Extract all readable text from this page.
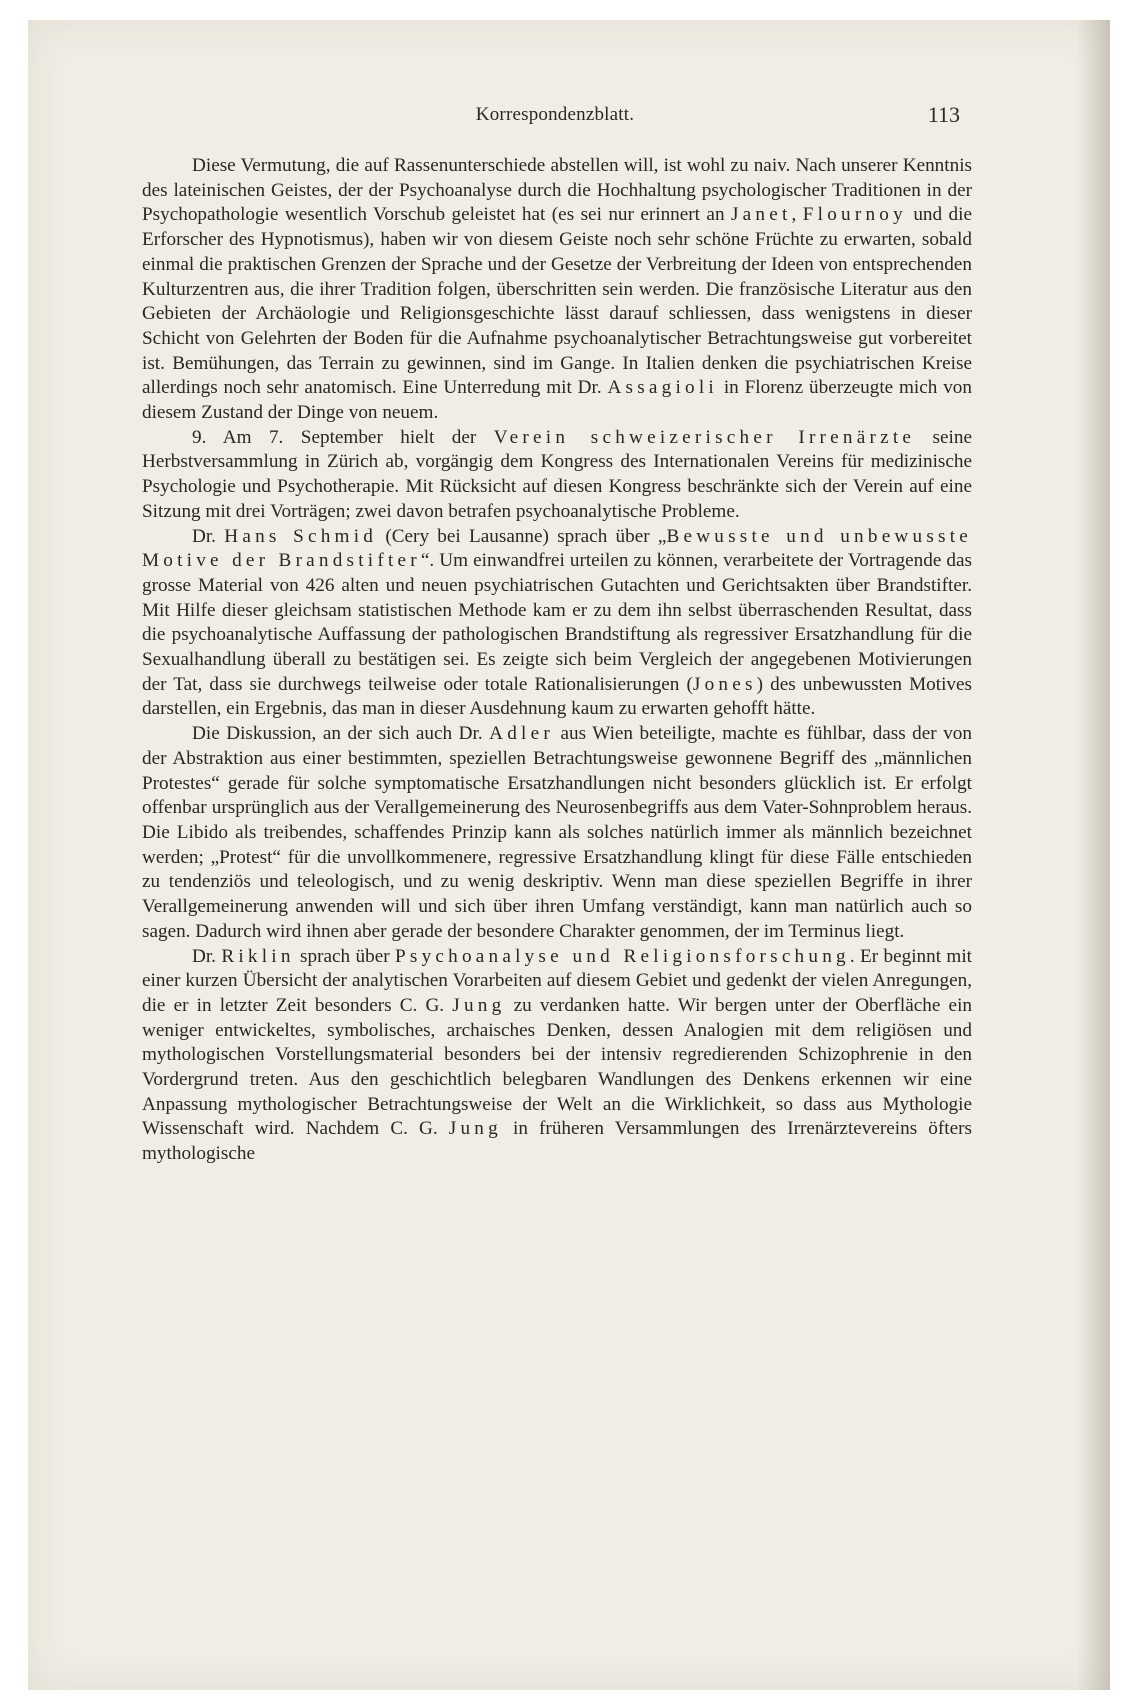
Korrespondenzblatt.	113

Diese Vermutung, die auf Rassenunterschiede abstellen will, ist wohl zu naiv. Nach unserer Kenntnis des lateinischen Geistes, der der Psychoanalyse durch die Hochhaltung psychologischer Traditionen in der Psychopathologie wesentlich Vorschub geleistet hat (es sei nur erinnert an Janet, Flournoy und die Erforscher des Hypnotismus), haben wir von diesem Geiste noch sehr schöne Früchte zu erwarten, sobald einmal die praktischen Grenzen der Sprache und der Gesetze der Verbreitung der Ideen von entsprechenden Kulturzentren aus, die ihrer Tradition folgen, überschritten sein werden. Die französische Literatur aus den Gebieten der Archäologie und Religionsgeschichte lässt darauf schliessen, dass wenigstens in dieser Schicht von Gelehrten der Boden für die Aufnahme psychoanalytischer Betrachtungsweise gut vorbereitet ist. Bemühungen, das Terrain zu gewinnen, sind im Gange. In Italien denken die psychiatrischen Kreise allerdings noch sehr anatomisch. Eine Unterredung mit Dr. Assagioli in Florenz überzeugte mich von diesem Zustand der Dinge von neuem.

9. Am 7. September hielt der Verein schweizerischer Irrenärzte seine Herbstversammlung in Zürich ab, vorgängig dem Kongress des Internationalen Vereins für medizinische Psychologie und Psychotherapie. Mit Rücksicht auf diesen Kongress beschränkte sich der Verein auf eine Sitzung mit drei Vorträgen; zwei davon betrafen psychoanalytische Probleme.

Dr. Hans Schmid (Cery bei Lausanne) sprach über „Bewusste und unbewusste Motive der Brandstifter“. Um einwandfrei urteilen zu können, verarbeitete der Vortragende das grosse Material von 426 alten und neuen psychiatrischen Gutachten und Gerichtsakten über Brandstifter. Mit Hilfe dieser gleichsam statistischen Methode kam er zu dem ihn selbst überraschenden Resultat, dass die psychoanalytische Auffassung der pathologischen Brandstiftung als regressiver Ersatzhandlung für die Sexualhandlung überall zu bestätigen sei. Es zeigte sich beim Vergleich der angegebenen Motivierungen der Tat, dass sie durchwegs teilweise oder totale Rationalisierungen (Jones) des unbewussten Motives darstellen, ein Ergebnis, das man in dieser Ausdehnung kaum zu erwarten gehofft hätte.

Die Diskussion, an der sich auch Dr. Adler aus Wien beteiligte, machte es fühlbar, dass der von der Abstraktion aus einer bestimmten, speziellen Betrachtungsweise gewonnene Begriff des „männlichen Protestes“ gerade für solche symptomatische Ersatzhandlungen nicht besonders glücklich ist. Er erfolgt offenbar ursprünglich aus der Verallgemeinerung des Neurosenbegriffs aus dem Vater-Sohnproblem heraus. Die Libido als treibendes, schaffendes Prinzip kann als solches natürlich immer als männlich bezeichnet werden; „Protest“ für die unvollkommenere, regressive Ersatzhandlung klingt für diese Fälle entschieden zu tendenziös und teleologisch, und zu wenig deskriptiv. Wenn man diese speziellen Begriffe in ihrer Verallgemeinerung anwenden will und sich über ihren Umfang verständigt, kann man natürlich auch so sagen. Dadurch wird ihnen aber gerade der besondere Charakter genommen, der im Terminus liegt.

Dr. Riklin sprach über Psychoanalyse und Religionsforschung. Er beginnt mit einer kurzen Übersicht der analytischen Vorarbeiten auf diesem Gebiet und gedenkt der vielen Anregungen, die er in letzter Zeit besonders C. G. Jung zu verdanken hatte. Wir bergen unter der Oberfläche ein weniger entwickeltes, symbolisches, archaisches Denken, dessen Analogien mit dem religiösen und mythologischen Vorstellungsmaterial besonders bei der intensiv regredierenden Schizophrenie in den Vordergrund treten. Aus den geschichtlich belegbaren Wandlungen des Denkens erkennen wir eine Anpassung mythologischer Betrachtungsweise der Welt an die Wirklichkeit, so dass aus Mythologie Wissenschaft wird. Nachdem C. G. Jung in früheren Versammlungen des Irrenärztevereins öfters mythologische
